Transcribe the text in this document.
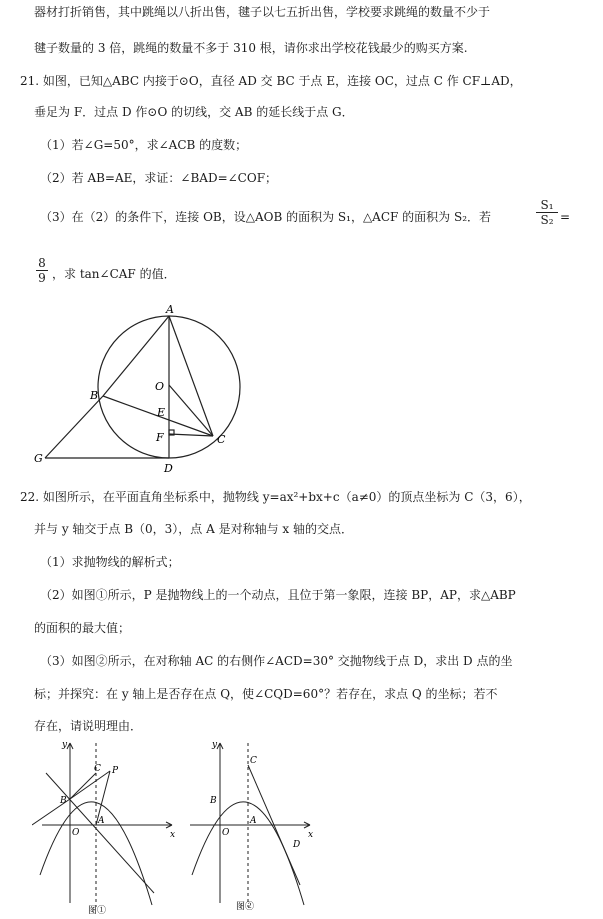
器材打折销售，其中跳绳以八折出售，毽子以七五折出售，学校要求跳绳的数量不少于
毽子数量的 3 倍，跳绳的数量不多于 310 根，请你求出学校花钱最少的购买方案.
21. 如图，已知△ABC 内接于⊙O，直径 AD 交 BC 于点 E，连接 OC，过点 C 作 CF⊥AD，
垂足为 F．过点 D 作⊙O 的切线，交 AB 的延长线于点 G．
（1）若∠G=50°，求∠ACB 的度数；
（2）若 AB=AE，求证：∠BAD=∠COF；
（3）在（2）的条件下，连接 OB，设△AOB 的面积为 S₁，△ACF 的面积为 S₂．若
S₁
S₂ =
8
9 ，求 tan∠CAF 的值．
A
B
O
E
F	C
G
D
22. 如图所示，在平面直角坐标系中，抛物线 y=ax²+bx+c（a≠0）的顶点坐标为 C（3，6），
并与 y 轴交于点 B（0，3），点 A 是对称轴与 x 轴的交点．
（1）求抛物线的解析式；
（2）如图①所示，P 是抛物线上的一个动点，且位于第一象限，连接 BP，AP，求△ABP
的面积的最大值；
（3）如图②所示，在对称轴 AC 的右侧作∠ACD=30° 交抛物线于点 D，求出 D 点的坐
标；并探究：在 y 轴上是否存在点 Q，使∠CQD=60°？若存在，求点 Q 的坐标；若不
存在，请说明理由．
y
x
O
A
B
C P
图①
y
x
O
A
B
C
D
图②
